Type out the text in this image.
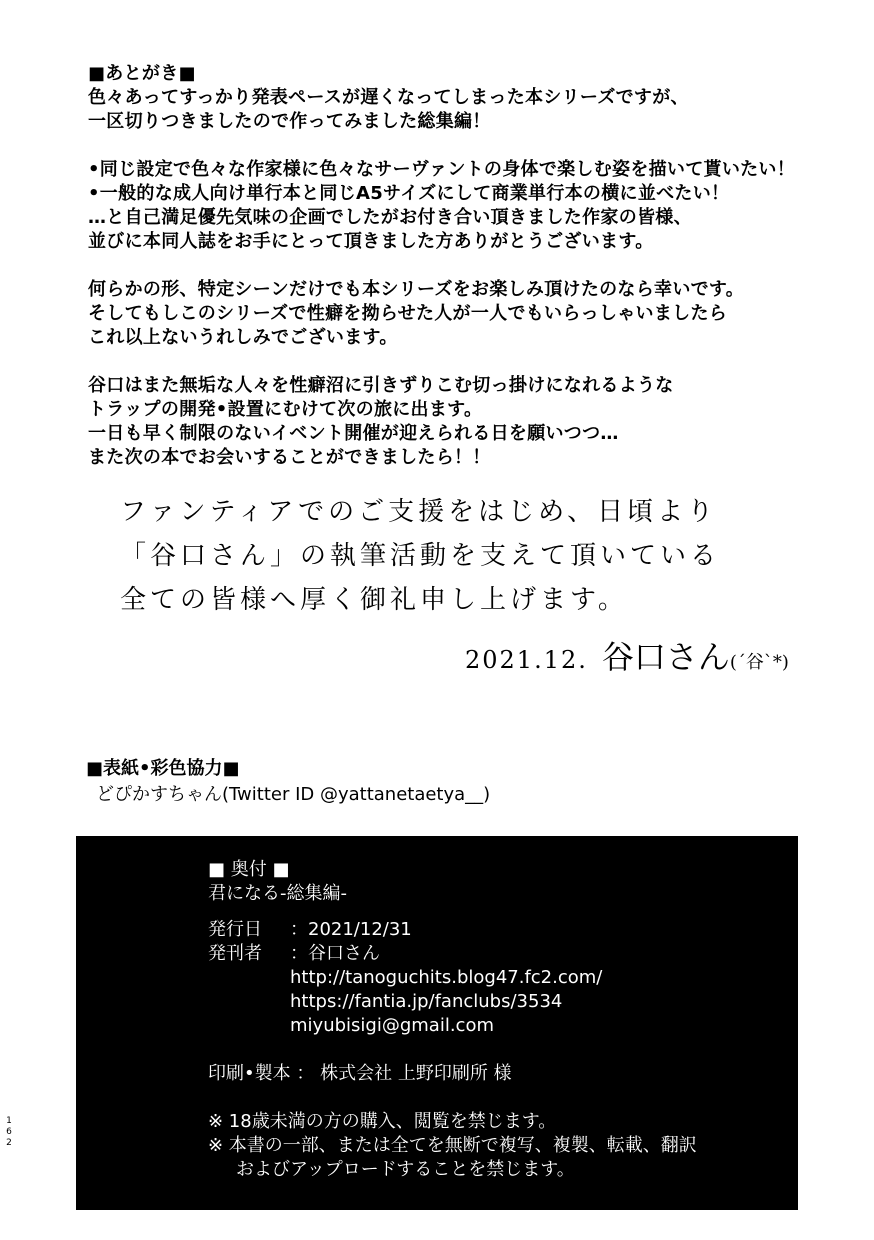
■あとがき■
色々あってすっかり発表ペースが遅くなってしまった本シリーズですが、
一区切りつきましたので作ってみました総集編！
•同じ設定で色々な作家様に色々なサーヴァントの身体で楽しむ姿を描いて貰いたい！
•一般的な成人向け単行本と同じA5サイズにして商業単行本の横に並べたい！
…と自己満足優先気味の企画でしたがお付き合い頂きました作家の皆様、
並びに本同人誌をお手にとって頂きました方ありがとうございます。
何らかの形、特定シーンだけでも本シリーズをお楽しみ頂けたのなら幸いです。
そしてもしこのシリーズで性癖を拗らせた人が一人でもいらっしゃいましたら
これ以上ないうれしみでございます。
谷口はまた無垢な人々を性癖沼に引きずりこむ切っ掛けになれるような
トラップの開発•設置にむけて次の旅に出ます。
一日も早く制限のないイベント開催が迎えられる日を願いつつ…
また次の本でお会いすることができましたら！！
ファンティアでのご支援をはじめ、日頃より
「谷口さん」の執筆活動を支えて頂いている
全ての皆様へ厚く御礼申し上げます。
2021.12. 谷口さん(´谷`*)
■表紙•彩色協力■
どぴかすちゃん(Twitter ID @yattanetaetya__)
■ 奥付 ■
君になる-総集編-
発行日 ：2021/12/31
発刊者 ：谷口さん
http://tanoguchits.blog47.fc2.com/
https://fantia.jp/fanclubs/3534
miyubisigi@gmail.com
印刷•製本 ： 株式会社 上野印刷所 様
※ 18歳未満の方の購入、閲覧を禁じます。
※ 本書の一部、または全てを無断で複写、複製、転載、翻訳
およびアップロードすることを禁じます。
162
